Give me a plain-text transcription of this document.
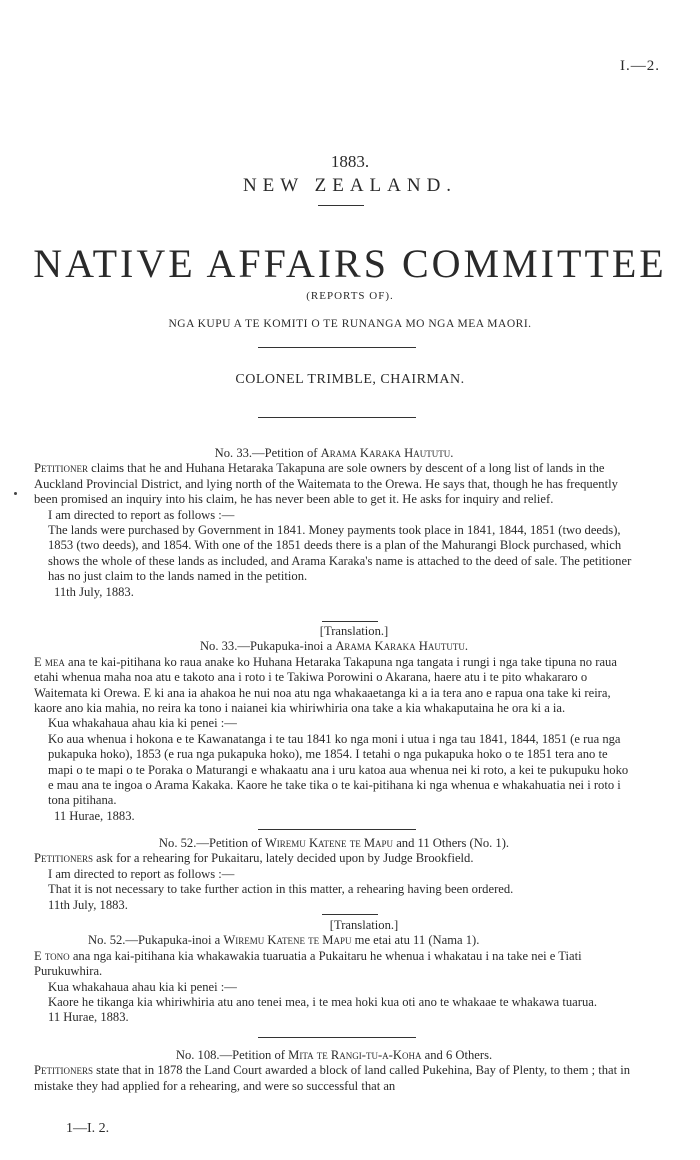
I.—2.
1883.
NEW ZEALAND.
NATIVE AFFAIRS COMMITTEE
(REPORTS OF).
NGA KUPU A TE KOMITI O TE RUNANGA MO NGA MEA MAORI.
COLONEL TRIMBLE, CHAIRMAN.

No. 33.—Petition of Arama Karaka Haututu.

Petitioner claims that he and Huhana Hetaraka Takapuna are sole owners by descent of a long list of lands in the Auckland Provincial District, and lying north of the Waitemata to the Orewa. He says that, though he has frequently been promised an inquiry into his claim, he has never been able to get it. He asks for inquiry and relief.

I am directed to report as follows :—

The lands were purchased by Government in 1841. Money payments took place in 1841, 1844, 1851 (two deeds), 1853 (two deeds), and 1854. With one of the 1851 deeds there is a plan of the Mahurangi Block purchased, which shows the whole of these lands as included, and Arama Karaka's name is attached to the deed of sale. The petitioner has no just claim to the lands named in the petition.

11th July, 1883.

[Translation.]

No. 33.—Pukapuka-inoi a Arama Karaka Haututu.

E mea ana te kai-pitihana ko raua anake ko Huhana Hetaraka Takapuna nga tangata i rungi i nga take tipuna no raua etahi whenua maha noa atu e takoto ana i roto i te Takiwa Porowini o Akarana, haere atu i te pito whakararo o Waitemata ki Orewa. E ki ana ia ahakoa he nui noa atu nga whakaaetanga ki a ia tera ano e rapua ona take ki reira, kaore ano kia mahia, no reira ka tono i naianei kia whiriwhiria ona take a kia whakaputaina he ora ki a ia.

Kua whakahaua ahau kia ki penei :—

Ko aua whenua i hokona e te Kawanatanga i te tau 1841 ko nga moni i utua i nga tau 1841, 1844, 1851 (e rua nga pukapuka hoko), 1853 (e rua nga pukapuka hoko), me 1854. I tetahi o nga pukapuka hoko o te 1851 tera ano te mapi o te mapi o te Poraka o Maturangi e whakaatu ana i uru katoa aua whenua nei ki roto, a kei te pukupuku hoko e mau ana te ingoa o Arama Kakaka. Kaore he take tika o te kai-pitihana ki nga whenua e whakahuatia nei i roto i tona pitihana.

11 Hurae, 1883.

No. 52.—Petition of Wiremu Katene te Mapu and 11 Others (No. 1).

Petitioners ask for a rehearing for Pukaitaru, lately decided upon by Judge Brookfield.

I am directed to report as follows :—

That it is not necessary to take further action in this matter, a rehearing having been ordered.

11th July, 1883.

[Translation.]

No. 52.—Pukapuka-inoi a Wiremu Katene te Mapu me etai atu 11 (Nama 1).

E tono ana nga kai-pitihana kia whakawakia tuaruatia a Pukaitaru he whenua i whakatau i na take nei e Tiati Purukuwhira.

Kua whakahaua ahau kia ki penei :—

Kaore he tikanga kia whiriwhiria atu ano tenei mea, i te mea hoki kua oti ano te whakaae te whakawa tuarua.

11 Hurae, 1883.

No. 108.—Petition of Mita te Rangi-tu-a-Koha and 6 Others.

Petitioners state that in 1878 the Land Court awarded a block of land called Pukehina, Bay of Plenty, to them ; that in mistake they had applied for a rehearing, and were so successful that an

1—I. 2.
